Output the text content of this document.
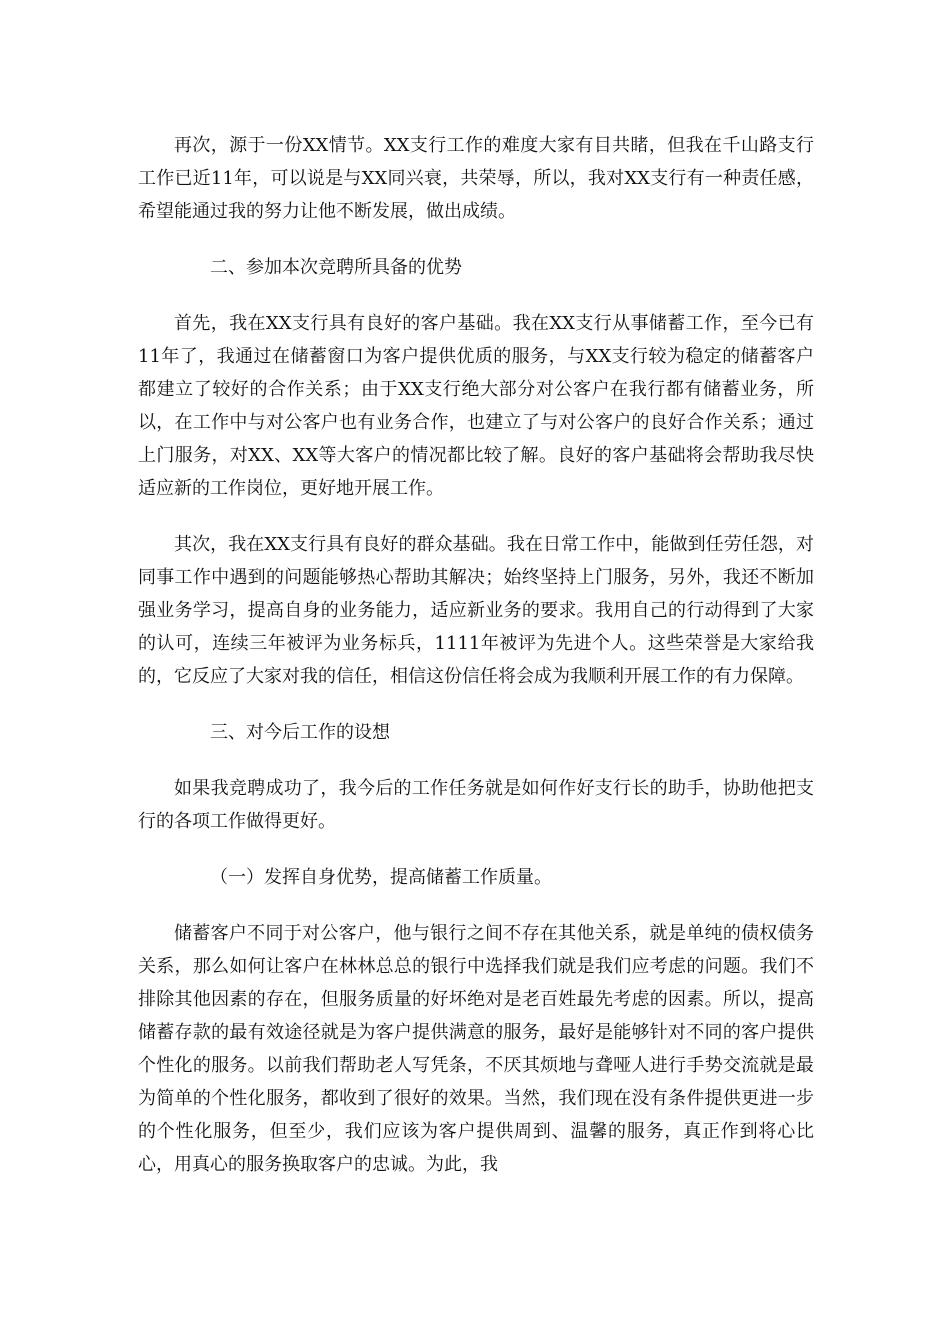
再次，源于一份XX情节。XX支行工作的难度大家有目共睹，但我在千山路支行工作已近11年，可以说是与XX同兴衰，共荣辱，所以，我对XX支行有一种责任感，希望能通过我的努力让他不断发展，做出成绩。

二、参加本次竞聘所具备的优势

首先，我在XX支行具有良好的客户基础。我在XX支行从事储蓄工作，至今已有11年了，我通过在储蓄窗口为客户提供优质的服务，与XX支行较为稳定的储蓄客户都建立了较好的合作关系；由于XX支行绝大部分对公客户在我行都有储蓄业务，所以，在工作中与对公客户也有业务合作，也建立了与对公客户的良好合作关系；通过上门服务，对XX、XX等大客户的情况都比较了解。良好的客户基础将会帮助我尽快适应新的工作岗位，更好地开展工作。

其次，我在XX支行具有良好的群众基础。我在日常工作中，能做到任劳任怨，对同事工作中遇到的问题能够热心帮助其解决；始终坚持上门服务，另外，我还不断加强业务学习，提高自身的业务能力，适应新业务的要求。我用自己的行动得到了大家的认可，连续三年被评为业务标兵，1111年被评为先进个人。这些荣誉是大家给我的，它反应了大家对我的信任，相信这份信任将会成为我顺利开展工作的有力保障。

三、对今后工作的设想

如果我竞聘成功了，我今后的工作任务就是如何作好支行长的助手，协助他把支行的各项工作做得更好。

（一）发挥自身优势，提高储蓄工作质量。

储蓄客户不同于对公客户，他与银行之间不存在其他关系，就是单纯的债权债务关系，那么如何让客户在林林总总的银行中选择我们就是我们应考虑的问题。我们不排除其他因素的存在，但服务质量的好坏绝对是老百姓最先考虑的因素。所以，提高储蓄存款的最有效途径就是为客户提供满意的服务，最好是能够针对不同的客户提供个性化的服务。以前我们帮助老人写凭条，不厌其烦地与聋哑人进行手势交流就是最为简单的个性化服务，都收到了很好的效果。当然，我们现在没有条件提供更进一步的个性化服务，但至少，我们应该为客户提供周到、温馨的服务，真正作到将心比心，用真心的服务换取客户的忠诚。为此，我
